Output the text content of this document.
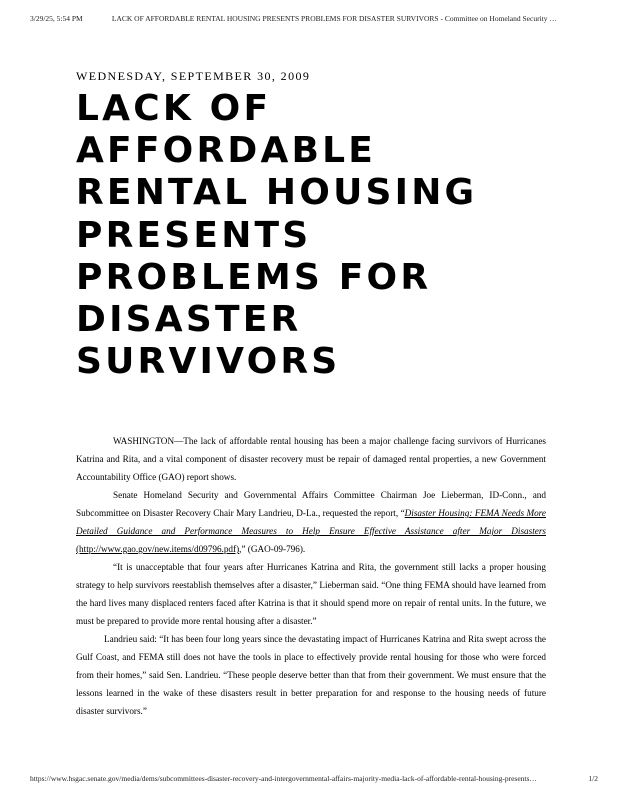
3/29/25, 5:54 PM	LACK OF AFFORDABLE RENTAL HOUSING PRESENTS PROBLEMS FOR DISASTER SURVIVORS - Committee on Homeland Security …
WEDNESDAY, SEPTEMBER 30, 2009
LACK OF
AFFORDABLE
RENTAL HOUSING
PRESENTS
PROBLEMS FOR
DISASTER
SURVIVORS

WASHINGTON—The lack of affordable rental housing has been a major challenge facing survivors of Hurricanes Katrina and Rita, and a vital component of disaster recovery must be repair of damaged rental properties, a new Government Accountability Office (GAO) report shows.

Senate Homeland Security and Governmental Affairs Committee Chairman Joe Lieberman, ID-Conn., and Subcommittee on Disaster Recovery Chair Mary Landrieu, D-La., requested the report, “Disaster Housing: FEMA Needs More Detailed Guidance and Performance Measures to Help Ensure Effective Assistance after Major Disasters (http://www.gao.gov/new.items/d09796.pdf),” (GAO-09-796).

“It is unacceptable that four years after Hurricanes Katrina and Rita, the government still lacks a proper housing strategy to help survivors reestablish themselves after a disaster,” Lieberman said. “One thing FEMA should have learned from the hard lives many displaced renters faced after Katrina is that it should spend more on repair of rental units. In the future, we must be prepared to provide more rental housing after a disaster.”

Landrieu said: “It has been four long years since the devastating impact of Hurricanes Katrina and Rita swept across the Gulf Coast, and FEMA still does not have the tools in place to effectively provide rental housing for those who were forced from their homes,” said Sen. Landrieu. “These people deserve better than that from their government. We must ensure that the lessons learned in the wake of these disasters result in better preparation for and response to the housing needs of future disaster survivors.”

https://www.hsgac.senate.gov/media/dems/subcommittees-disaster-recovery-and-intergovernmental-affairs-majority-media-lack-of-affordable-rental-housing-presents…	1/2
